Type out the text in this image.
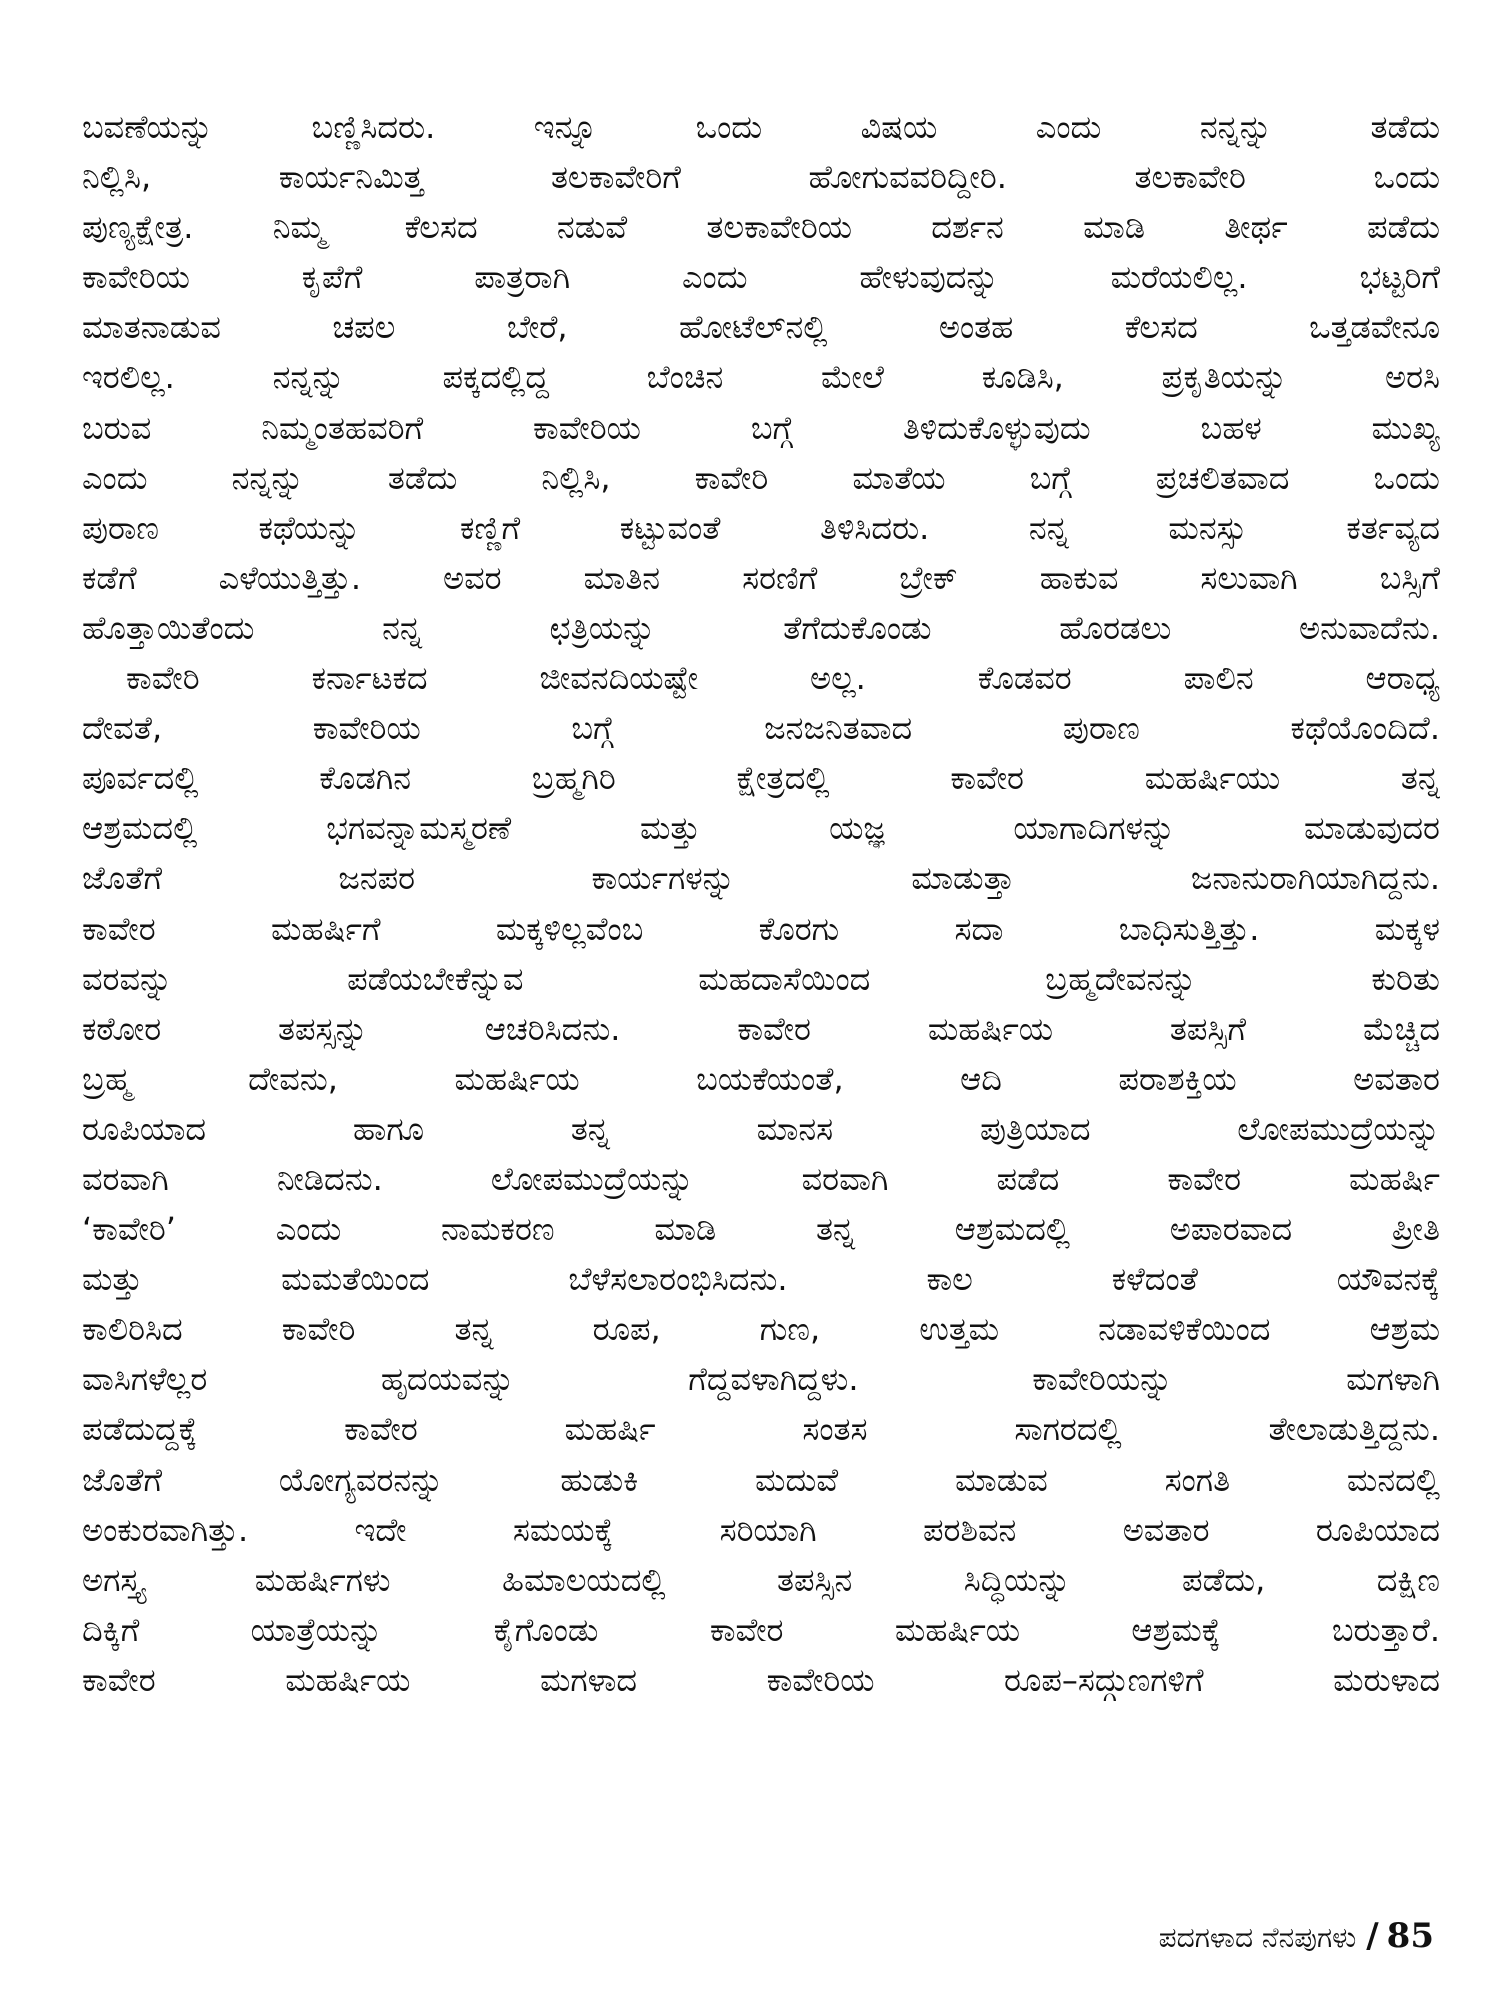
ಬವಣೆಯನ್ನು ಬಣ್ಣಿಸಿದರು. ಇನ್ನೂ ಒಂದು ವಿಷಯ ಎಂದು ನನ್ನನ್ನು ತಡೆದು
ನಿಲ್ಲಿಸಿ, ಕಾರ್ಯನಿಮಿತ್ತ ತಲಕಾವೇರಿಗೆ ಹೋಗುವವರಿದ್ದೀರಿ. ತಲಕಾವೇರಿ ಒಂದು
ಪುಣ್ಯಕ್ಷೇತ್ರ. ನಿಮ್ಮ ಕೆಲಸದ ನಡುವೆ ತಲಕಾವೇರಿಯ ದರ್ಶನ ಮಾಡಿ ತೀರ್ಥ ಪಡೆದು
ಕಾವೇರಿಯ ಕೃಪೆಗೆ ಪಾತ್ರರಾಗಿ ಎಂದು ಹೇಳುವುದನ್ನು ಮರೆಯಲಿಲ್ಲ. ಭಟ್ಟರಿಗೆ
ಮಾತನಾಡುವ ಚಪಲ ಬೇರೆ, ಹೋಟೆಲ್‌ನಲ್ಲಿ ಅಂತಹ ಕೆಲಸದ ಒತ್ತಡವೇನೂ
ಇರಲಿಲ್ಲ. ನನ್ನನ್ನು ಪಕ್ಕದಲ್ಲಿದ್ದ ಬೆಂಚಿನ ಮೇಲೆ ಕೂಡಿಸಿ, ಪ್ರಕೃತಿಯನ್ನು ಅರಸಿ
ಬರುವ ನಿಮ್ಮಂತಹವರಿಗೆ ಕಾವೇರಿಯ ಬಗ್ಗೆ ತಿಳಿದುಕೊಳ್ಳುವುದು ಬಹಳ ಮುಖ್ಯ
ಎಂದು ನನ್ನನ್ನು ತಡೆದು ನಿಲ್ಲಿಸಿ, ಕಾವೇರಿ ಮಾತೆಯ ಬಗ್ಗೆ ಪ್ರಚಲಿತವಾದ ಒಂದು
ಪುರಾಣ ಕಥೆಯನ್ನು ಕಣ್ಣಿಗೆ ಕಟ್ಟುವಂತೆ ತಿಳಿಸಿದರು. ನನ್ನ ಮನಸ್ಸು ಕರ್ತವ್ಯದ
ಕಡೆಗೆ ಎಳೆಯುತ್ತಿತ್ತು. ಅವರ ಮಾತಿನ ಸರಣಿಗೆ ಬ್ರೇಕ್ ಹಾಕುವ ಸಲುವಾಗಿ ಬಸ್ಸಿಗೆ
ಹೊತ್ತಾಯಿತೆಂದು ನನ್ನ ಛತ್ರಿಯನ್ನು ತೆಗೆದುಕೊಂಡು ಹೊರಡಲು ಅನುವಾದೆನು.
ಕಾವೇರಿ ಕರ್ನಾಟಕದ ಜೀವನದಿಯಷ್ಟೇ ಅಲ್ಲ. ಕೊಡವರ ಪಾಲಿನ ಆರಾಧ್ಯ
ದೇವತೆ, ಕಾವೇರಿಯ ಬಗ್ಗೆ ಜನಜನಿತವಾದ ಪುರಾಣ ಕಥೆಯೊಂದಿದೆ.
ಪೂರ್ವದಲ್ಲಿ ಕೊಡಗಿನ ಬ್ರಹ್ಮಗಿರಿ ಕ್ಷೇತ್ರದಲ್ಲಿ ಕಾವೇರ ಮಹರ್ಷಿಯು ತನ್ನ
ಆಶ್ರಮದಲ್ಲಿ ಭಗವನ್ನಾಮಸ್ಮರಣೆ ಮತ್ತು ಯಜ್ಞ ಯಾಗಾದಿಗಳನ್ನು ಮಾಡುವುದರ
ಜೊತೆಗೆ ಜನಪರ ಕಾರ್ಯಗಳನ್ನು ಮಾಡುತ್ತಾ ಜನಾನುರಾಗಿಯಾಗಿದ್ದನು.
ಕಾವೇರ ಮಹರ್ಷಿಗೆ ಮಕ್ಕಳಿಲ್ಲವೆಂಬ ಕೊರಗು ಸದಾ ಬಾಧಿಸುತ್ತಿತ್ತು. ಮಕ್ಕಳ
ವರವನ್ನು ಪಡೆಯಬೇಕೆನ್ನುವ ಮಹದಾಸೆಯಿಂದ ಬ್ರಹ್ಮದೇವನನ್ನು ಕುರಿತು
ಕಠೋರ ತಪಸ್ಸನ್ನು ಆಚರಿಸಿದನು. ಕಾವೇರ ಮಹರ್ಷಿಯ ತಪಸ್ಸಿಗೆ ಮೆಚ್ಚಿದ
ಬ್ರಹ್ಮ ದೇವನು, ಮಹರ್ಷಿಯ ಬಯಕೆಯಂತೆ, ಆದಿ ಪರಾಶಕ್ತಿಯ ಅವತಾರ
ರೂಪಿಯಾದ ಹಾಗೂ ತನ್ನ ಮಾನಸ ಪುತ್ರಿಯಾದ ಲೋಪಮುದ್ರೆಯನ್ನು
ವರವಾಗಿ ನೀಡಿದನು. ಲೋಪಮುದ್ರೆಯನ್ನು ವರವಾಗಿ ಪಡೆದ ಕಾವೇರ ಮಹರ್ಷಿ
‘ಕಾವೇರಿ’ ಎಂದು ನಾಮಕರಣ ಮಾಡಿ ತನ್ನ ಆಶ್ರಮದಲ್ಲಿ ಅಪಾರವಾದ ಪ್ರೀತಿ
ಮತ್ತು ಮಮತೆಯಿಂದ ಬೆಳೆಸಲಾರಂಭಿಸಿದನು. ಕಾಲ ಕಳೆದಂತೆ ಯೌವನಕ್ಕೆ
ಕಾಲಿರಿಸಿದ ಕಾವೇರಿ ತನ್ನ ರೂಪ, ಗುಣ, ಉತ್ತಮ ನಡಾವಳಿಕೆಯಿಂದ ಆಶ್ರಮ
ವಾಸಿಗಳೆಲ್ಲರ ಹೃದಯವನ್ನು ಗೆದ್ದವಳಾಗಿದ್ದಳು. ಕಾವೇರಿಯನ್ನು ಮಗಳಾಗಿ
ಪಡೆದುದ್ದಕ್ಕೆ ಕಾವೇರ ಮಹರ್ಷಿ ಸಂತಸ ಸಾಗರದಲ್ಲಿ ತೇಲಾಡುತ್ತಿದ್ದನು.
ಜೊತೆಗೆ ಯೋಗ್ಯವರನನ್ನು ಹುಡುಕಿ ಮದುವೆ ಮಾಡುವ ಸಂಗತಿ ಮನದಲ್ಲಿ
ಅಂಕುರವಾಗಿತ್ತು. ಇದೇ ಸಮಯಕ್ಕೆ ಸರಿಯಾಗಿ ಪರಶಿವನ ಅವತಾರ ರೂಪಿಯಾದ
ಅಗಸ್ತ್ಯ ಮಹರ್ಷಿಗಳು ಹಿಮಾಲಯದಲ್ಲಿ ತಪಸ್ಸಿನ ಸಿದ್ಧಿಯನ್ನು ಪಡೆದು, ದಕ್ಷಿಣ
ದಿಕ್ಕಿಗೆ ಯಾತ್ರೆಯನ್ನು ಕೈಗೊಂಡು ಕಾವೇರ ಮಹರ್ಷಿಯ ಆಶ್ರಮಕ್ಕೆ ಬರುತ್ತಾರೆ.
ಕಾವೇರ ಮಹರ್ಷಿಯ ಮಗಳಾದ ಕಾವೇರಿಯ ರೂಪ–ಸದ್ಗುಣಗಳಿಗೆ ಮರುಳಾದ
ಪದಗಳಾದ ನೆನಪುಗಳು / 85
